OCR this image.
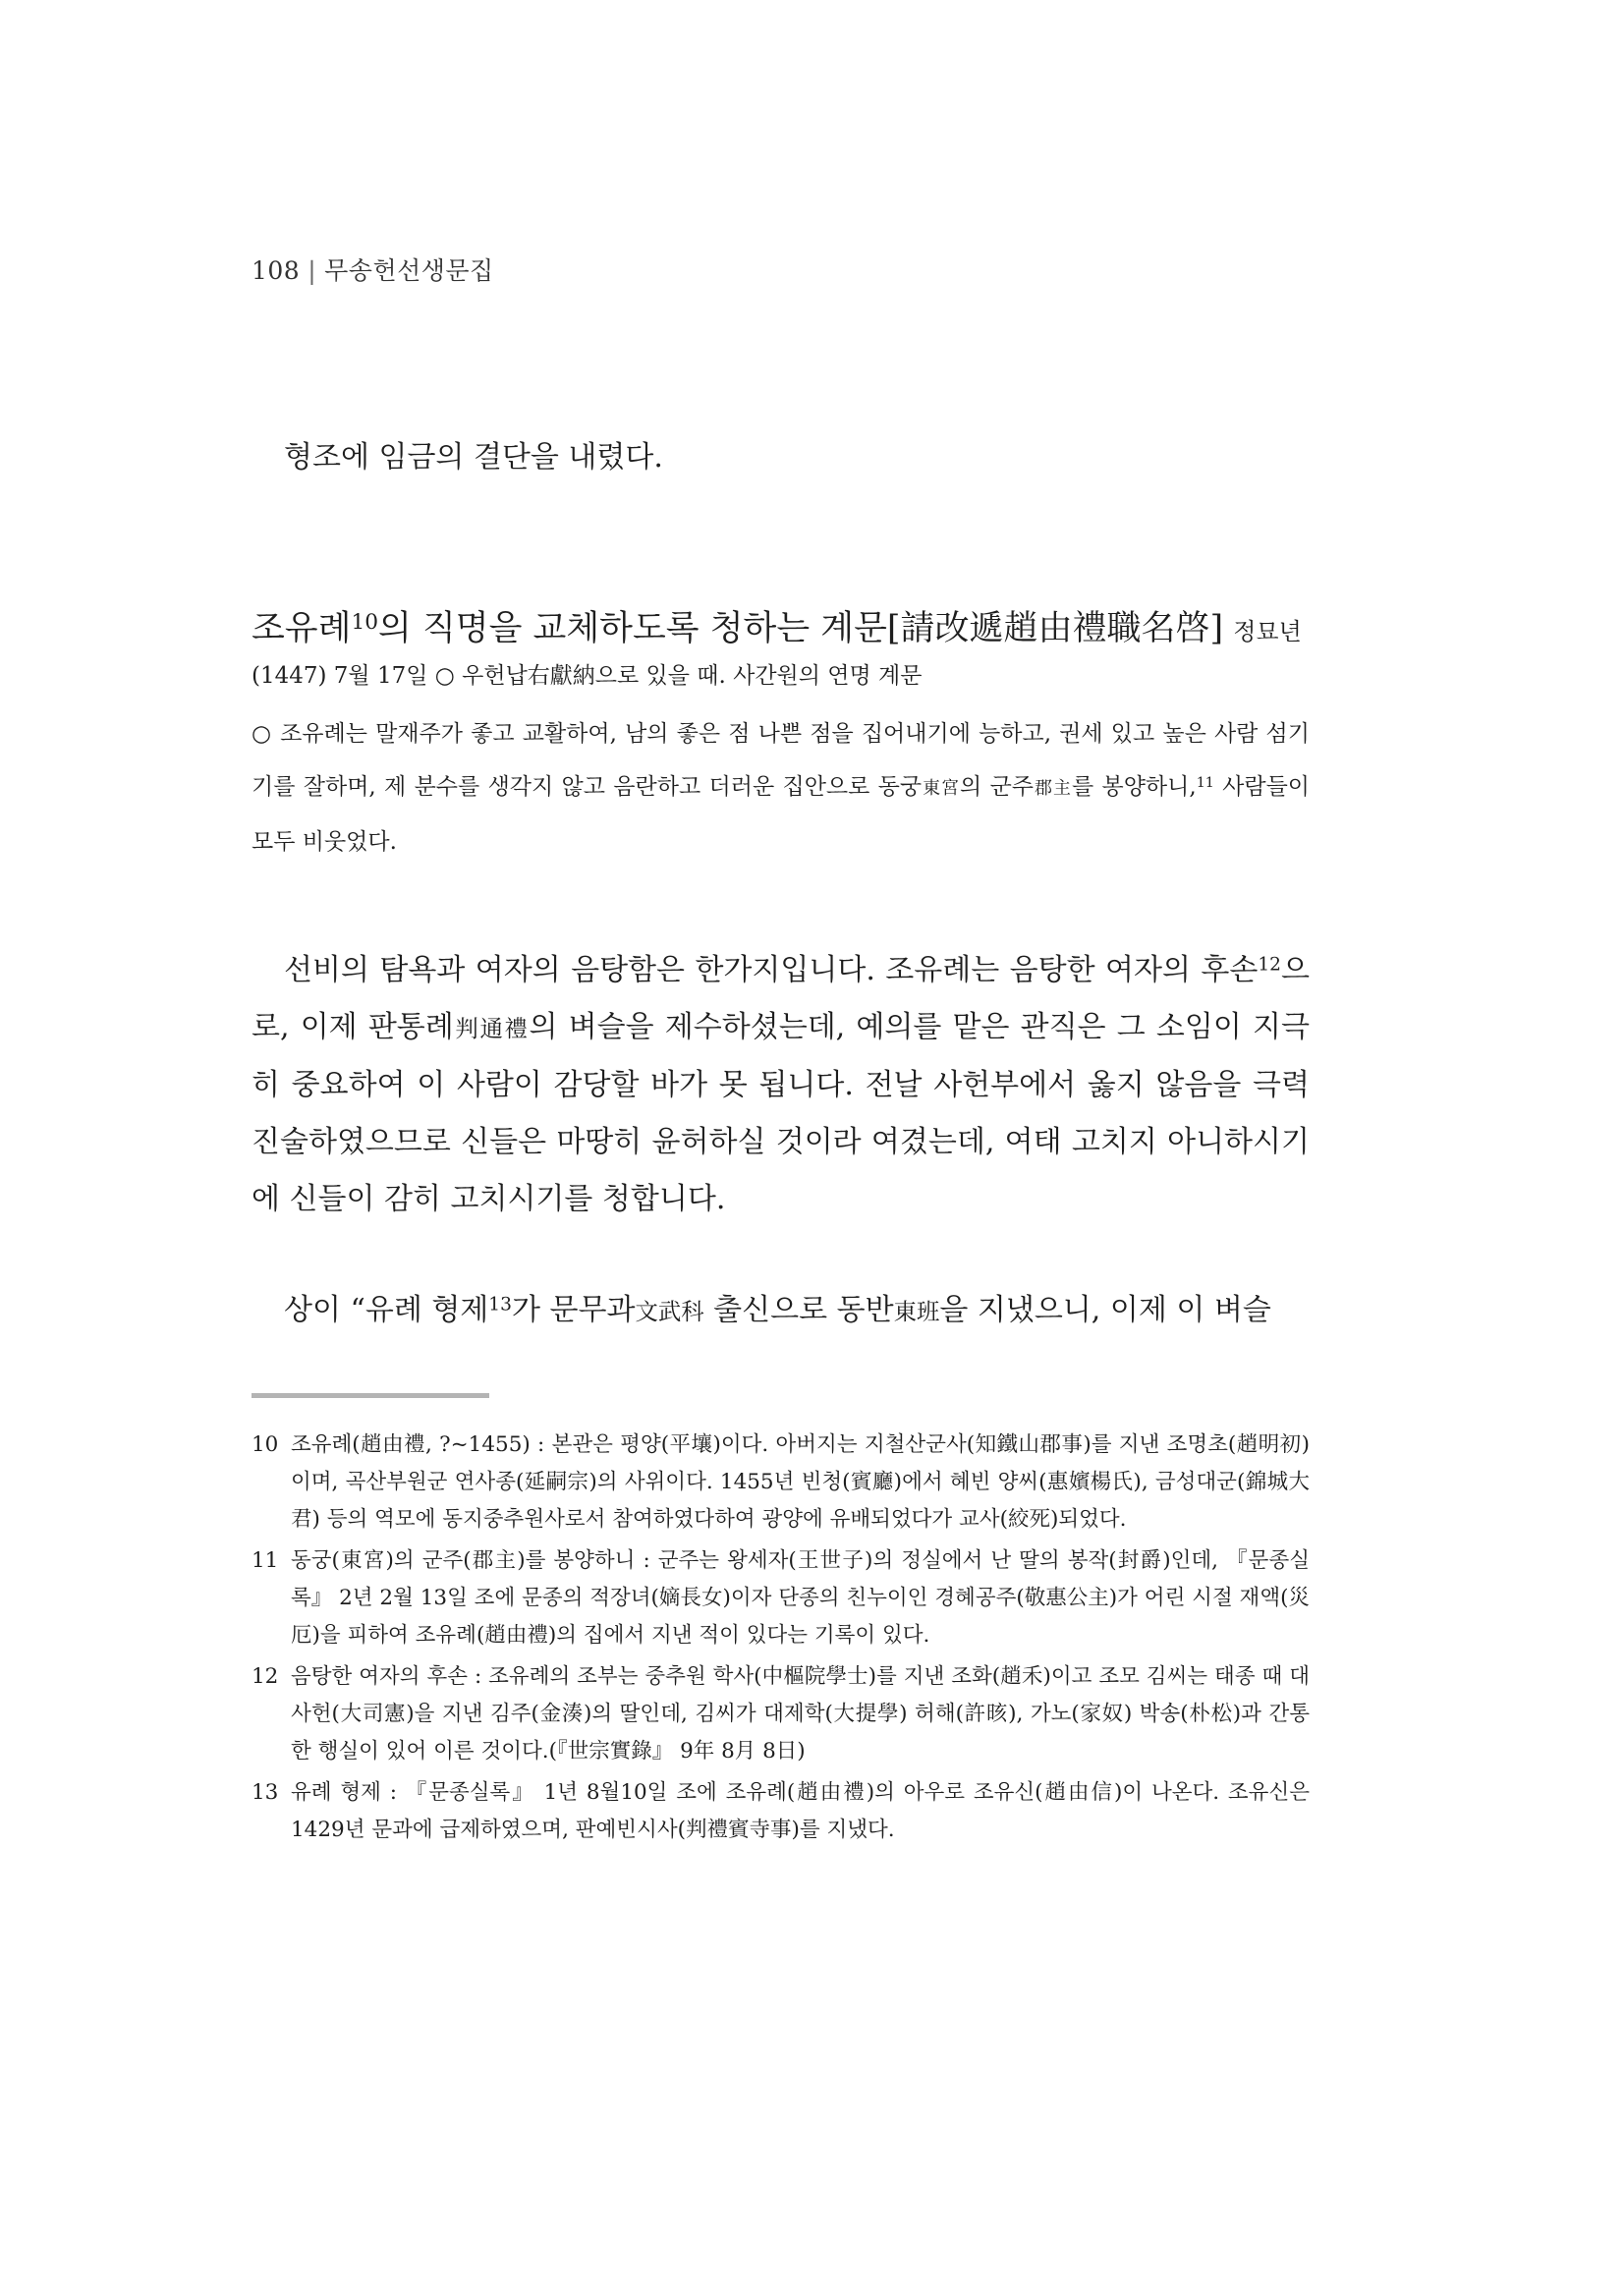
108 | 무송헌선생문집

형조에 임금의 결단을 내렸다.

조유례$^{10}$의 직명을 교체하도록 청하는 계문[請改遞趙由禮職名啓] 정묘년

(1447) 7월 17일 ○ 우헌납右獻納으로 있을 때. 사간원의 연명 계문

○ 조유례는 말재주가 좋고 교활하여, 남의 좋은 점 나쁜 점을 집어내기에 능하고, 권세 있고 높은 사람 섬기기를 잘하며, 제 분수를 생각지 않고 음란하고 더러운 집안으로 동궁東宮의 군주郡主를 봉양하니,$^{11}$ 사람들이 모두 비웃었다.

선비의 탐욕과 여자의 음탕함은 한가지입니다. 조유례는 음탕한 여자의 후손$^{12}$으로, 이제 판통례判通禮의 벼슬을 제수하셨는데, 예의를 맡은 관직은 그 소임이 지극히 중요하여 이 사람이 감당할 바가 못 됩니다. 전날 사헌부에서 옳지 않음을 극력 진술하였으므로 신들은 마땅히 윤허하실 것이라 여겼는데, 여태 고치지 아니하시기에 신들이 감히 고치시기를 청합니다.

상이 “유례 형제$^{13}$가 문무과文武科 출신으로 동반東班을 지냈으니, 이제 이 벼슬

10 조유례(趙由禮, ?~1455) : 본관은 평양(平壤)이다. 아버지는 지철산군사(知鐵山郡事)를 지낸 조명초(趙明初)이며, 곡산부원군 연사종(延嗣宗)의 사위이다. 1455년 빈청(賓廳)에서 혜빈 양씨(惠嬪楊氏), 금성대군(錦城大君) 등의 역모에 동지중추원사로서 참여하였다하여 광양에 유배되었다가 교사(絞死)되었다.

11 동궁(東宮)의 군주(郡主)를 봉양하니 : 군주는 왕세자(王世子)의 정실에서 난 딸의 봉작(封爵)인데, 『문종실록』 2년 2월 13일 조에 문종의 적장녀(嫡長女)이자 단종의 친누이인 경혜공주(敬惠公主)가 어린 시절 재액(災厄)을 피하여 조유례(趙由禮)의 집에서 지낸 적이 있다는 기록이 있다.

12 음탕한 여자의 후손 : 조유례의 조부는 중추원 학사(中樞院學士)를 지낸 조화(趙禾)이고 조모 김씨는 태종 때 대사헌(大司憲)을 지낸 김주(金湊)의 딸인데, 김씨가 대제학(大提學) 허해(許晐), 가노(家奴) 박송(朴松)과 간통한 행실이 있어 이른 것이다.(『世宗實錄』 9年 8月 8日)

13 유례 형제 : 『문종실록』 1년 8월10일 조에 조유례(趙由禮)의 아우로 조유신(趙由信)이 나온다. 조유신은 1429년 문과에 급제하였으며, 판예빈시사(判禮賓寺事)를 지냈다.
